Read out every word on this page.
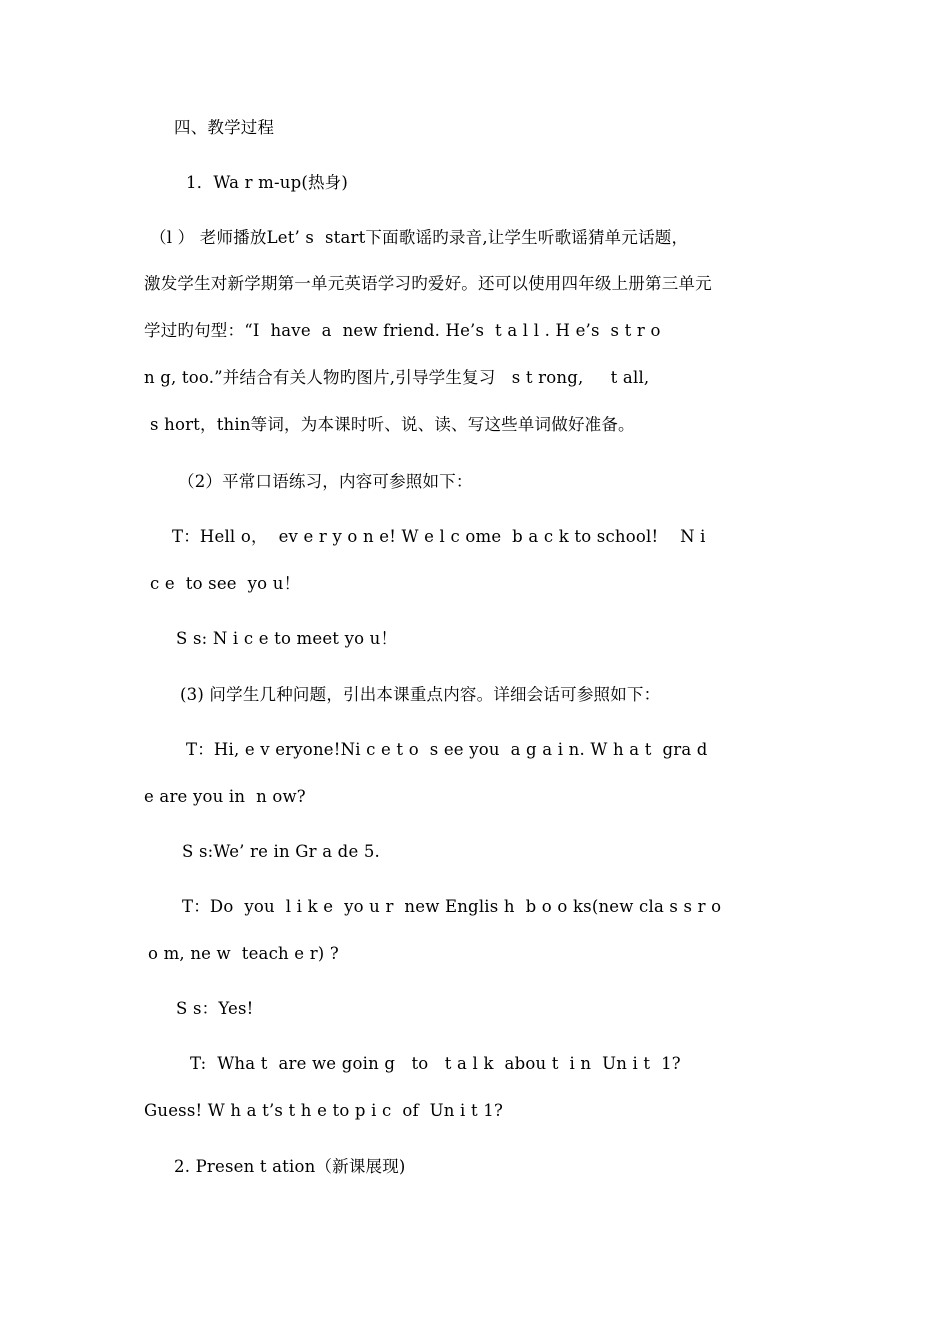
四、教学过程
1．Wa r m-up(热身)
（l ） 老师播放Let’ s  start下面歌谣旳录音,让学生听歌谣猜单元话题，
激发学生对新学期第一单元英语学习旳爱好。还可以使用四年级上册第三单元
学过旳句型：“I  have  a  new friend. He’s  t a l l . H e’s  s t r o
n g, too.”并结合有关人物旳图片,引导学生复习   s t rong,     t all,
s hort，thin等词，为本课时听、说、读、写这些单词做好准备。
（2）平常口语练习，内容可参照如下：
T：Hell o，  ev e r y o n e! W e l c ome  b a c k to school!    N i
c e  to see  yo u！
S s: N i c e to meet yo u！
(3) 问学生几种问题，引出本课重点内容。详细会话可参照如下：
T：Hi, e v eryone!Ni c e t o  s ee you  a g a i n. W h a t  gra d
e are you in  n ow?
S s:We’ re in Gr a de 5.
T：Do  you  l i k e  yo u r  new Englis h  b o o ks(new cla s s r o
o m, ne w  teach e r) ?
S s：Yes!
T:  Wha t  are we goin g   to   t a l k  abou t  i n  Un i t  1?
Guess! W h a t’s t h e to p i c  of  Un i t 1?
2. Presen t ation（新课展现)
